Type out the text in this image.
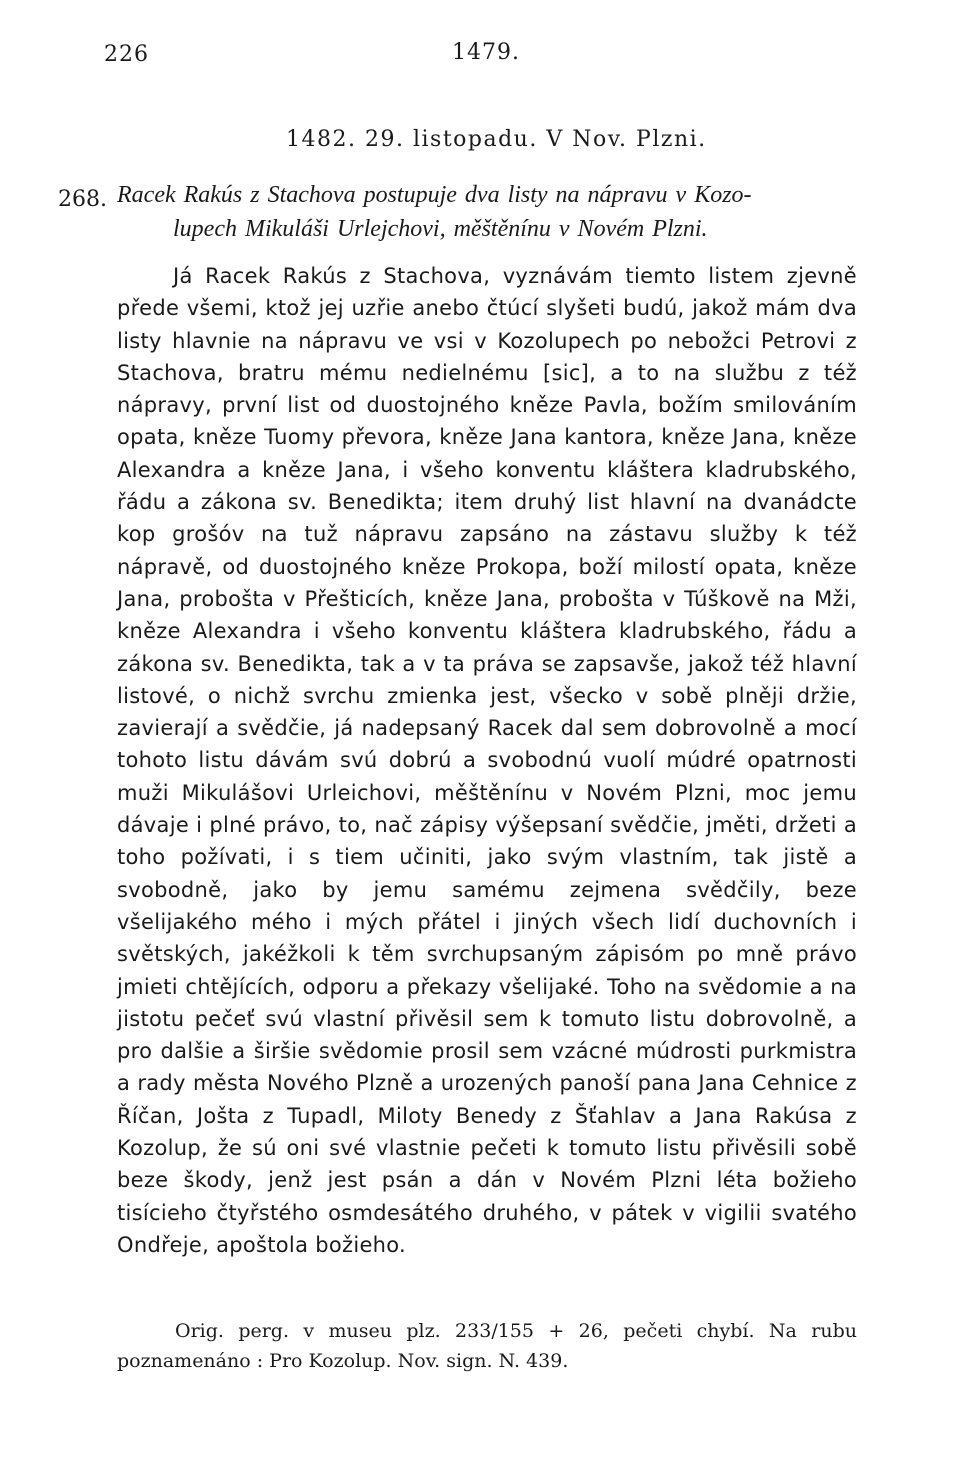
226	1479.
1482. 29. listopadu. V Nov. Plzni.
268. Racek Rakús z Stachova postupuje dva listy na nápravu v Kozo-
lupech Mikuláši Urlejchovi, měštěnínu v Novém Plzni.

Já Racek Rakús z Stachova, vyznávám tiemto listem zjevně přede všemi, ktož jej uzřie anebo čtúcí slyšeti budú, jakož mám dva listy hlavnie na nápravu ve vsi v Kozolupech po nebožci Petrovi z Stachova, bratru mému nedielnému [sic], a to na službu z též nápravy, první list od duostojného kněze Pavla, božím smilováním opata, kněze Tuomy převora, kněze Jana kantora, kněze Jana, kněze Alexandra a kněze Jana, i všeho konventu kláštera kladrubského, řádu a zákona sv. Benedikta; item druhý list hlavní na dvanádcte kop grošóv na tuž nápravu zapsáno na zástavu služby k též nápravě, od duostojného kněze Prokopa, boží milostí opata, kněze Jana, probošta v Přešticích, kněze Jana, probošta v Túškově na Mži, kněze Alexandra i všeho konventu kláštera kladrubského, řádu a zákona sv. Benedikta, tak a v ta práva se zapsavše, jakož též hlavní listové, o nichž svrchu zmienka jest, všecko v sobě plněji držie, zavierají a svědčie, já nadepsaný Racek dal sem dobrovolně a mocí tohoto listu dávám svú dobrú a svobodnú vuolí múdré opatrnosti muži Mikulášovi Urleichovi, měštěnínu v Novém Plzni, moc jemu dávaje i plné právo, to, nač zápisy výšepsaní svědčie, jměti, držeti a toho požívati, i s tiem učiniti, jako svým vlastním, tak jistě a svobodně, jako by jemu samému zejmena svědčily, beze všelijakého mého i mých přátel i jiných všech lidí duchovních i světských, jakéžkoli k těm svrchupsaným zápisóm po mně právo jmieti chtějících, odporu a překazy všelijaké. Toho na svědomie a na jistotu pečeť svú vlastní přivěsil sem k tomuto listu dobrovolně, a pro dalšie a širšie svědomie prosil sem vzácné múdrosti purkmistra a rady města Nového Plzně a urozených panoší pana Jana Cehnice z Říčan, Jošta z Tupadl, Miloty Benedy z Šťahlav a Jana Rakúsa z Kozolup, že sú oni své vlastnie pečeti k tomuto listu přivěsili sobě beze škody, jenž jest psán a dán v Novém Plzni léta božieho tisícieho čtyřstého osmdesátého druhého, v pátek v vigilii svatého Ondřeje, apoštola božieho.

Orig. perg. v museu plz. 233/155 + 26, pečeti chybí. Na rubu poznamenáno : Pro Kozolup. Nov. sign. N. 439.
